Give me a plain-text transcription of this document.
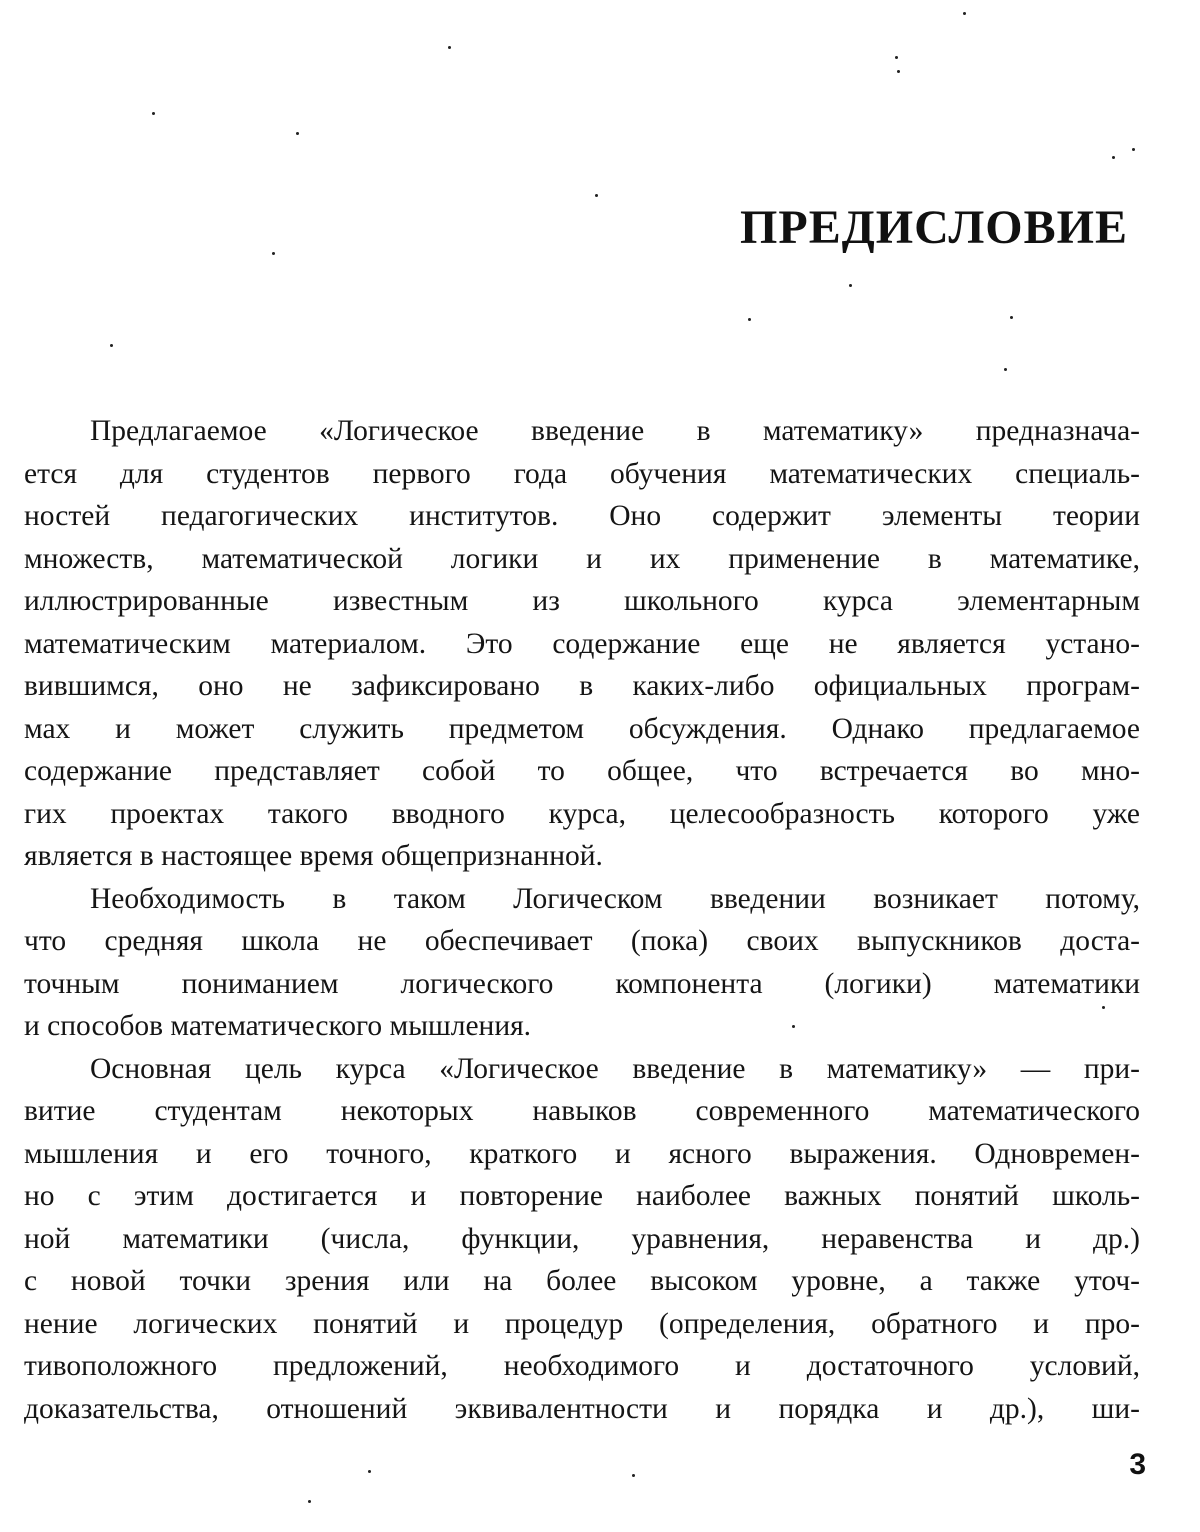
ПРЕДИСЛОВИЕ

Предлагаемое «Логическое введение в математику» предназнача-
ется для студентов первого года обучения математических специаль-
ностей педагогических институтов. Оно содержит элементы теории
множеств, математической логики и их применение в математике,
иллюстрированные известным из школьного курса элементарным
математическим материалом. Это содержание еще не является устано-
вившимся, оно не зафиксировано в каких-либо официальных програм-
мах и может служить предметом обсуждения. Однако предлагаемое
содержание представляет собой то общее, что встречается во мно-
гих проектах такого вводного курса, целесообразность которого уже
является в настоящее время общепризнанной.

Необходимость в таком Логическом введении возникает потому,
что средняя школа не обеспечивает (пока) своих выпускников доста-
точным пониманием логического компонента (логики) математики
и способов математического мышления.

Основная цель курса «Логическое введение в математику» — при-
витие студентам некоторых навыков современного математического
мышления и его точного, краткого и ясного выражения. Одновремен-
но с этим достигается и повторение наиболее важных понятий школь-
ной математики (числа, функции, уравнения, неравенства и др.)
с новой точки зрения или на более высоком уровне, а также уточ-
нение логических понятий и процедур (определения, обратного и про-
тивоположного предложений, необходимого и достаточного условий,
доказательства, отношений эквивалентности и порядка и др.), ши-

3
